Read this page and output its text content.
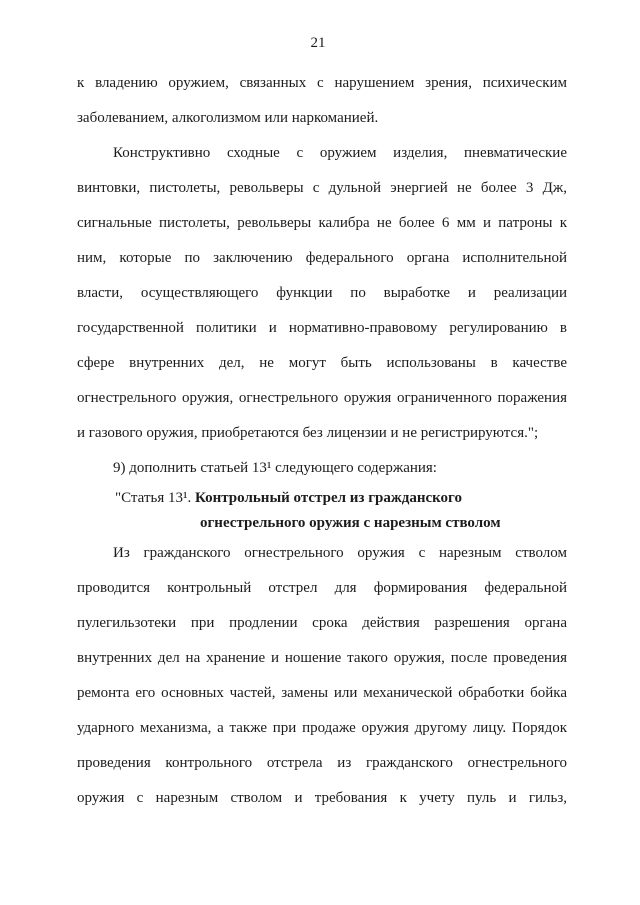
21
к владению оружием, связанных с нарушением зрения, психическим
заболеванием, алкоголизмом или наркоманией.
Конструктивно сходные с оружием изделия, пневматические
винтовки, пистолеты, револьверы с дульной энергией не более 3 Дж,
сигнальные пистолеты, револьверы калибра не более 6 мм и патроны к
ним, которые по заключению федерального органа исполнительной
власти, осуществляющего функции по выработке и реализации
государственной политики и нормативно-правовому регулированию в
сфере внутренних дел, не могут быть использованы в качестве
огнестрельного оружия, огнестрельного оружия ограниченного поражения
и газового оружия, приобретаются без лицензии и не регистрируются.";
9) дополнить статьей 13¹ следующего содержания:
"Статья 13¹. Контрольный отстрел из гражданского
огнестрельного оружия с нарезным стволом
Из гражданского огнестрельного оружия с нарезным стволом
проводится контрольный отстрел для формирования федеральной
пулегильзотеки при продлении срока действия разрешения органа
внутренних дел на хранение и ношение такого оружия, после проведения
ремонта его основных частей, замены или механической обработки бойка
ударного механизма, а также при продаже оружия другому лицу. Порядок
проведения контрольного отстрела из гражданского огнестрельного
оружия с нарезным стволом и требования к учету пуль и гильз,
